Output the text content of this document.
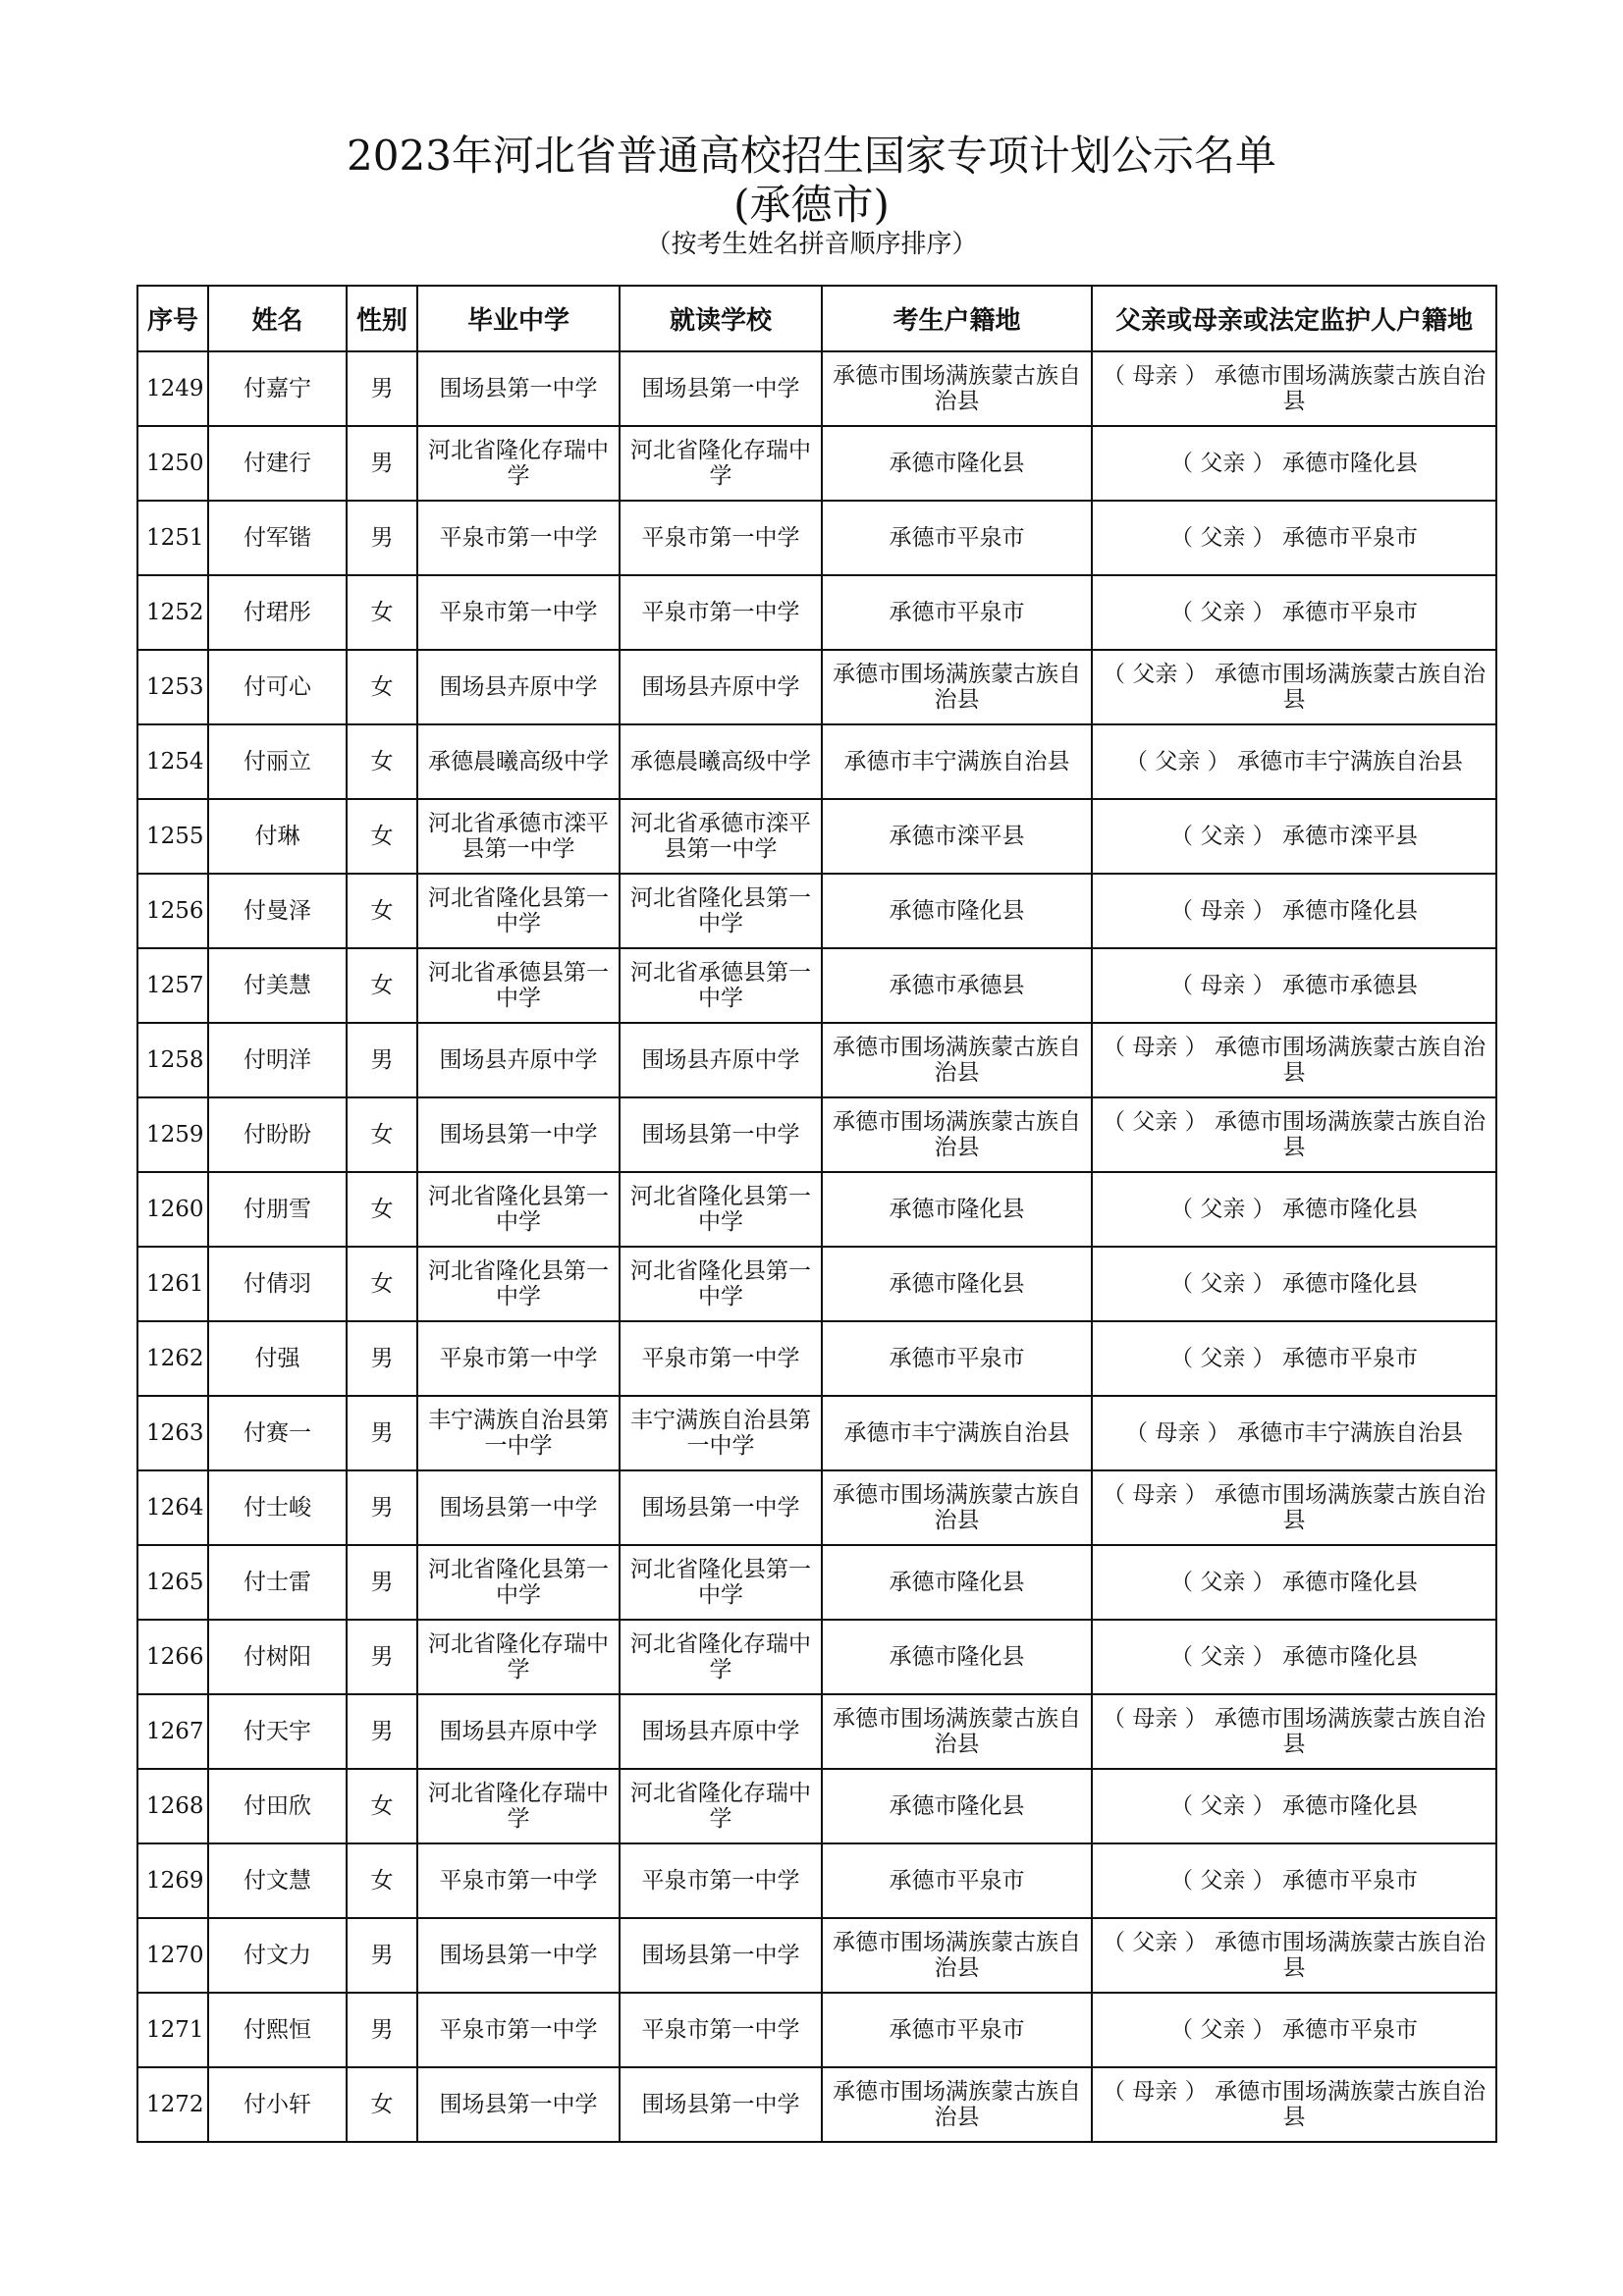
2023年河北省普通高校招生国家专项计划公示名单
(承德市)
（按考生姓名拼音顺序排序）
序号	姓名	性别	毕业中学	就读学校	考生户籍地	父亲或母亲或法定监护人户籍地
1249	付嘉宁	男	围场县第一中学	围场县第一中学	承德市围场满族蒙古族自治县	（ 母亲 ） 承德市围场满族蒙古族自治县
1250	付建行	男	河北省隆化存瑞中学	河北省隆化存瑞中学	承德市隆化县	（ 父亲 ） 承德市隆化县
1251	付军锴	男	平泉市第一中学	平泉市第一中学	承德市平泉市	（ 父亲 ） 承德市平泉市
1252	付珺彤	女	平泉市第一中学	平泉市第一中学	承德市平泉市	（ 父亲 ） 承德市平泉市
1253	付可心	女	围场县卉原中学	围场县卉原中学	承德市围场满族蒙古族自治县	（ 父亲 ） 承德市围场满族蒙古族自治县
1254	付丽立	女	承德晨曦高级中学	承德晨曦高级中学	承德市丰宁满族自治县	（ 父亲 ） 承德市丰宁满族自治县
1255	付琳	女	河北省承德市滦平县第一中学	河北省承德市滦平县第一中学	承德市滦平县	（ 父亲 ） 承德市滦平县
1256	付曼泽	女	河北省隆化县第一中学	河北省隆化县第一中学	承德市隆化县	（ 母亲 ） 承德市隆化县
1257	付美慧	女	河北省承德县第一中学	河北省承德县第一中学	承德市承德县	（ 母亲 ） 承德市承德县
1258	付明洋	男	围场县卉原中学	围场县卉原中学	承德市围场满族蒙古族自治县	（ 母亲 ） 承德市围场满族蒙古族自治县
1259	付盼盼	女	围场县第一中学	围场县第一中学	承德市围场满族蒙古族自治县	（ 父亲 ） 承德市围场满族蒙古族自治县
1260	付朋雪	女	河北省隆化县第一中学	河北省隆化县第一中学	承德市隆化县	（ 父亲 ） 承德市隆化县
1261	付倩羽	女	河北省隆化县第一中学	河北省隆化县第一中学	承德市隆化县	（ 父亲 ） 承德市隆化县
1262	付强	男	平泉市第一中学	平泉市第一中学	承德市平泉市	（ 父亲 ） 承德市平泉市
1263	付赛一	男	丰宁满族自治县第一中学	丰宁满族自治县第一中学	承德市丰宁满族自治县	（ 母亲 ） 承德市丰宁满族自治县
1264	付士峻	男	围场县第一中学	围场县第一中学	承德市围场满族蒙古族自治县	（ 母亲 ） 承德市围场满族蒙古族自治县
1265	付士雷	男	河北省隆化县第一中学	河北省隆化县第一中学	承德市隆化县	（ 父亲 ） 承德市隆化县
1266	付树阳	男	河北省隆化存瑞中学	河北省隆化存瑞中学	承德市隆化县	（ 父亲 ） 承德市隆化县
1267	付天宇	男	围场县卉原中学	围场县卉原中学	承德市围场满族蒙古族自治县	（ 母亲 ） 承德市围场满族蒙古族自治县
1268	付田欣	女	河北省隆化存瑞中学	河北省隆化存瑞中学	承德市隆化县	（ 父亲 ） 承德市隆化县
1269	付文慧	女	平泉市第一中学	平泉市第一中学	承德市平泉市	（ 父亲 ） 承德市平泉市
1270	付文力	男	围场县第一中学	围场县第一中学	承德市围场满族蒙古族自治县	（ 父亲 ） 承德市围场满族蒙古族自治县
1271	付熙恒	男	平泉市第一中学	平泉市第一中学	承德市平泉市	（ 父亲 ） 承德市平泉市
1272	付小轩	女	围场县第一中学	围场县第一中学	承德市围场满族蒙古族自治县	（ 母亲 ） 承德市围场满族蒙古族自治县
